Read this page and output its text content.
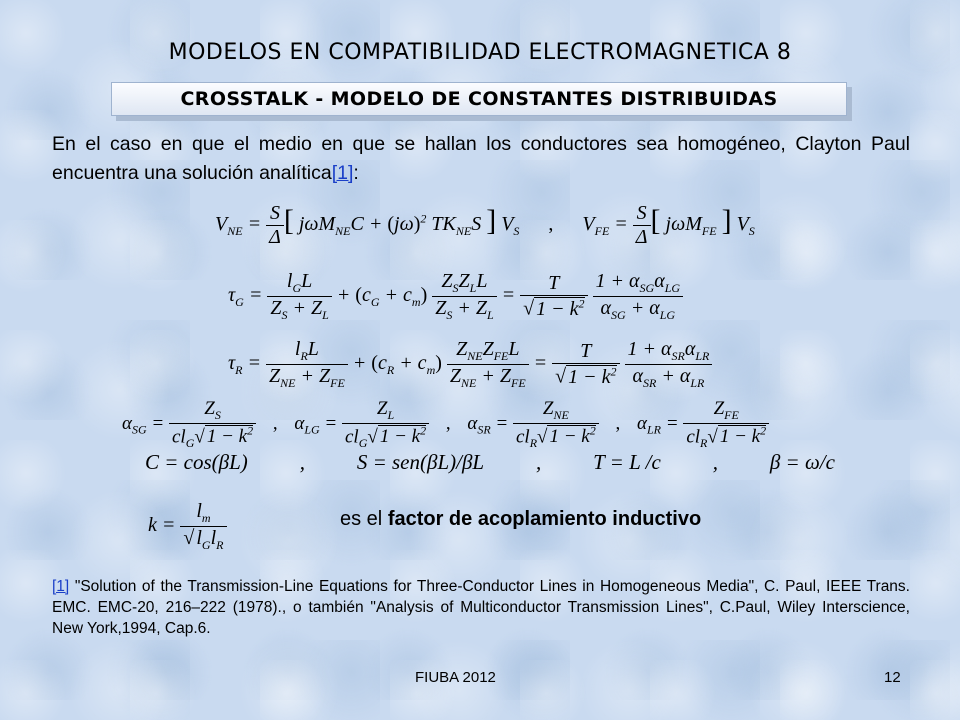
MODELOS EN COMPATIBILIDAD ELECTROMAGNETICA 8
CROSSTALK - MODELO DE CONSTANTES DISTRIBUIDAS
En el caso en que el medio en que se hallan los conductores sea homogéneo, Clayton Paul encuentra una solución analítica[1]:
$V_{NE} = \frac{S}{\Delta}$ [ $j\omega M_{NE}C + (j\omega)^2$ $TK_{NE}S$ ] $V_S$ , $V_{FE} = \frac{S}{\Delta}$ [ jωM$_{FE}$ ] $V_S$
$\tau_G = \frac{l_GL}{Z_S + Z_L} + (c_G + c_m) \frac{Z_SZ_LL}{Z_S + Z_L} = \frac{T}{√ 1 - k^2}$
$\frac{1 + \alpha_{SG}\alpha_{LG}}{\alpha_{SG} + \alpha_{LG}}$
$\tau_R = \frac{l_RL}{Z_{NE} + Z_{FE}} + (c_R + c_m) \frac{Z_{NE}Z_{FE}L}{Z_{NE} + Z_{FE}} = \frac{T}{√ 1 - k^2}$
$\frac{1 + \alpha_{SR}\alpha_{LR}}{\alpha_{SR} + \alpha_{LR}}$
$\alpha_{SG} = \frac{Z_S}{cl_G√ 1 - k^2}$ , $\alpha_{LG} = \frac{Z_L}{cl_G√ 1 - k^2}$ , $\alpha_{SR} = \frac{Z_{NE}}{cl_R√ 1 - k^2}$ , $\alpha_{LR} = \frac{Z_{FE}}{cl_R√ 1 - k^2}$
C = cos(βL) , S = sen(βL)/βL , T = L /c , β = ω/c
$k = \frac{l_m}{√ l_Gl_R}$	es el factor de acoplamiento inductivo
[1] "Solution of the Transmission-Line Equations for Three-Conductor Lines in Homogeneous Media", C. Paul, IEEE Trans. EMC. EMC-20, 216–222 (1978)., o también "Analysis of Multiconductor Transmission Lines", C.Paul, Wiley Interscience, New York,1994, Cap.6.
FIUBA 2012	12
